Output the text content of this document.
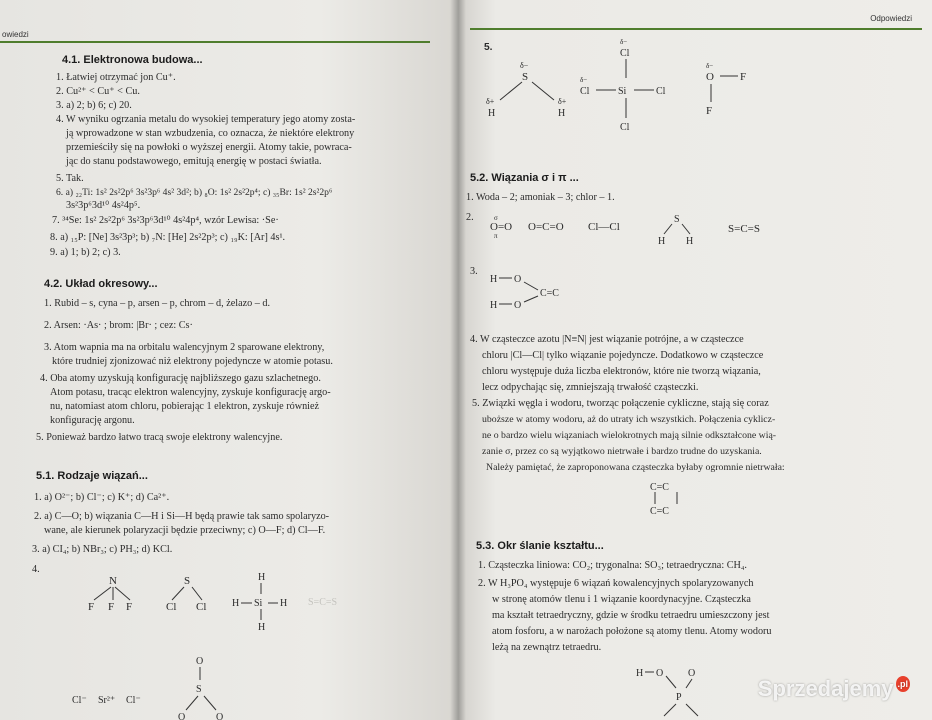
owiedzi
4.1. Elektronowa budowa...
1. Łatwiej otrzymać jon Cu⁺.
2. Cu²⁺ < Cu⁺ < Cu.
3. a) 2; b) 6; c) 20.
4. W wyniku ogrzania metalu do wysokiej temperatury jego atomy zosta-
ją wprowadzone w stan wzbudzenia, co oznacza, że niektóre elektrony
przemieściły się na powłoki o wyższej energii. Atomy takie, powraca-
jąc do stanu podstawowego, emitują energię w postaci światła.
5. Tak.
6. a) ₂₂Ti: 1s² 2s²2p⁶ 3s²3p⁶ 4s² 3d²; b) ₈O: 1s² 2s²2p⁴; c) ₃₅Br: 1s² 2s²2p⁶
3s²3p⁶3d¹⁰ 4s²4p⁵.
7. ³⁴Se: 1s² 2s²2p⁶ 3s²3p⁶3d¹⁰ 4s²4p⁴, wzór Lewisa: ·Se·
8. a) ₁₅P: [Ne] 3s²3p³; b) ₇N: [He] 2s²2p³; c) ₁₉K: [Ar] 4s¹.
9. a) 1; b) 2; c) 3.
4.2. Układ okresowy...
1. Rubid – s, cyna – p, arsen – p, chrom – d, żelazo – d.
2. Arsen: ·As· ; brom: |Br· ; cez: Cs·
3. Atom wapnia ma na orbitalu walencyjnym 2 sparowane elektrony,
które trudniej zjonizować niż elektrony pojedyncze w atomie potasu.
4. Oba atomy uzyskują konfigurację najbliższego gazu szlachetnego.
Atom potasu, tracąc elektron walencyjny, zyskuje konfigurację argo-
nu, natomiast atom chloru, pobierając 1 elektron, zyskuje również
konfigurację argonu.
5. Ponieważ bardzo łatwo tracą swoje elektrony walencyjne.
5.1. Rodzaje wiązań...
1. a) O²⁻; b) Cl⁻; c) K⁺; d) Ca²⁺.
2. a) C—O; b) wiązania C—H i Si—H będą prawie tak samo spolaryzo-
wane, ale kierunek polaryzacji będzie przeciwny; c) O—F; d) Cl—F.
3. a) CI₄; b) NBr₃; c) PH₃; d) KCl.
4.
N
F F F
S
Cl Cl
H
H Si H
H
S=C=S
Cl⁻ Sr²⁺ Cl⁻
O
S
O	O
Odpowiedzi
5.
δ−
S
δ+
H
δ+
H
δ−
Cl
δ−
Cl	Si	Cl
Cl
δ−
O F
F
5.2. Wiązania σ i π ...
1. Woda – 2; amoniak – 3; chlor – 1.
2.
O=O
σ
π
O=C=O Cl—Cl
S
H H
S=C=S
3.
H O
H O
C=C
4. W cząsteczce azotu |N≡N| jest wiązanie potrójne, a w cząsteczce
chloru |Cl—Cl| tylko wiązanie pojedyncze. Dodatkowo w cząsteczce
chloru występuje duża liczba elektronów, które nie tworzą wiązania,
lecz odpychając się, zmniejszają trwałość cząsteczki.
5. Związki węgla i wodoru, tworząc połączenie cykliczne, stają się coraz
uboższe w atomy wodoru, aż do utraty ich wszystkich. Połączenia cyklicz-
ne o bardzo wielu wiązaniach wielokrotnych mają silnie odkształcone wią-
zanie σ, przez co są wyjątkowo nietrwałe i bardzo trudne do uzyskania.
Należy pamiętać, że zaproponowana cząsteczka byłaby ogromnie nietrwała:
C=C
C=C
5.3. Okr ślanie kształtu...
1. Cząsteczka liniowa: CO₂; trygonalna: SO₃; tetraedryczna: CH₄.
2. W H₃PO₄ występuje 6 wiązań kowalencyjnych spolaryzowanych
w stronę atomów tlenu i 1 wiązanie koordynacyjne. Cząsteczka
ma kształt tetraedryczny, gdzie w środku tetraedru umieszczony jest
atom fosforu, a w narożach położone są atomy tlenu. Atomy wodoru
leżą na zewnątrz tetraedru.
H O O
P	Sprzedajemy .pl
